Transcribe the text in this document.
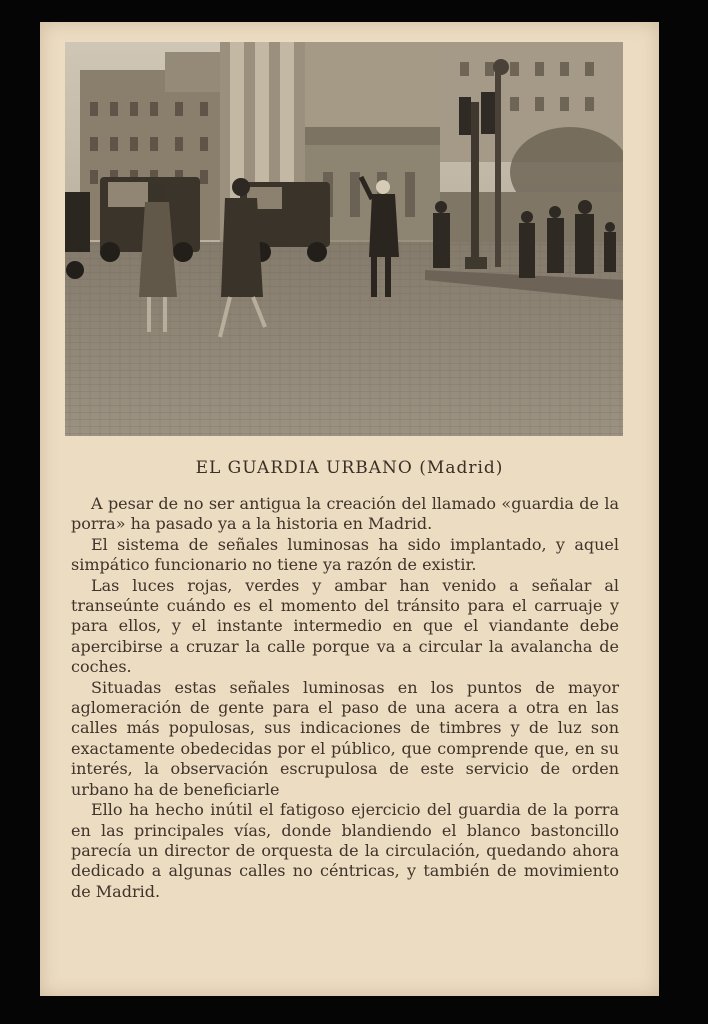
EL GUARDIA URBANO (Madrid)

A pesar de no ser antigua la creación del llamado «guardia de la porra» ha pasado ya a la historia en Madrid.

El sistema de señales luminosas ha sido implantado, y aquel simpático funcionario no tiene ya razón de existir.

Las luces rojas, verdes y ambar han venido a señalar al transeúnte cuándo es el momento del tránsito para el carruaje y para ellos, y el instante intermedio en que el viandante debe apercibirse a cruzar la calle porque va a circular la avalancha de coches.

Situadas estas señales luminosas en los puntos de mayor aglomeración de gente para el paso de una acera a otra en las calles más populosas, sus indicaciones de timbres y de luz son exactamente obedecidas por el público, que comprende que, en su interés, la observación escrupulosa de este servicio de orden urbano ha de beneficiarle

Ello ha hecho inútil el fatigoso ejercicio del guardia de la porra en las principales vías, donde blandiendo el blanco bastoncillo parecía un director de orquesta de la circulación, quedando ahora dedicado a algunas calles no céntricas, y también de movimiento de Madrid.
